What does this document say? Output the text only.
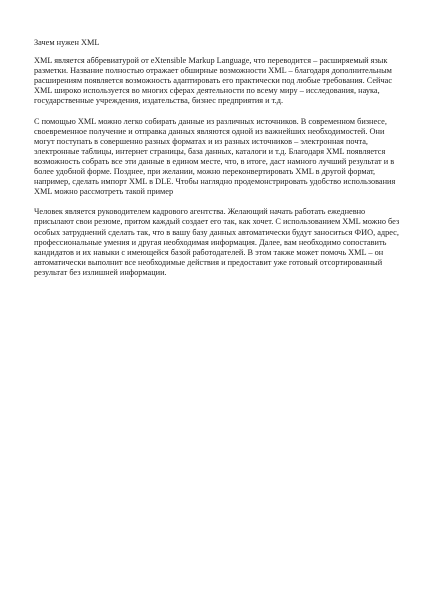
Зачем нужен XML

XML является аббревиатурой от eXtensible Markup Language, что переводится – расширяемый язык разметки. Название полностью отражает обширные возможности XML – благодаря дополнительным расширениям появляется возможность адаптировать его практически под любые требования. Сейчас XML широко используется во многих сферах деятельности по всему миру – исследования, наука, государственные учреждения, издательства, бизнес предприятия и т.д.

С помощью XML можно легко собирать данные из различных источников. В современном бизнесе, своевременное получение и отправка данных являются одной из важнейших необходимостей. Они могут поступать в совершенно разных форматах и из разных источников – электронная почта, электронные таблицы, интернет страницы, база данных, каталоги и т.д. Благодаря XML появляется возможность собрать все эти данные в едином месте, что, в итоге, даст намного лучший результат и в более удобной форме. Позднее, при желании, можно переконвертировать XML в другой формат, например, сделать импорт XML в DLE. Чтобы наглядно продемонстрировать удобство использования XML можно рассмотреть такой пример

Человек является руководителем кадрового агентства. Желающий начать работать ежедневно присылают свои резюме, притом каждый создает его так, как хочет. С использованием XML можно без особых затруднений сделать так, что в вашу базу данных автоматически будут заноситься ФИО, адрес, профессиональные умения и другая необходимая информация. Далее, вам необходимо сопоставить кандидатов и их навыки с имеющейся базой работодателей. В этом также может помочь XML – он автоматически выполнит все необходимые действия и предоставит уже готовый отсортированный результат без излишней информации.
